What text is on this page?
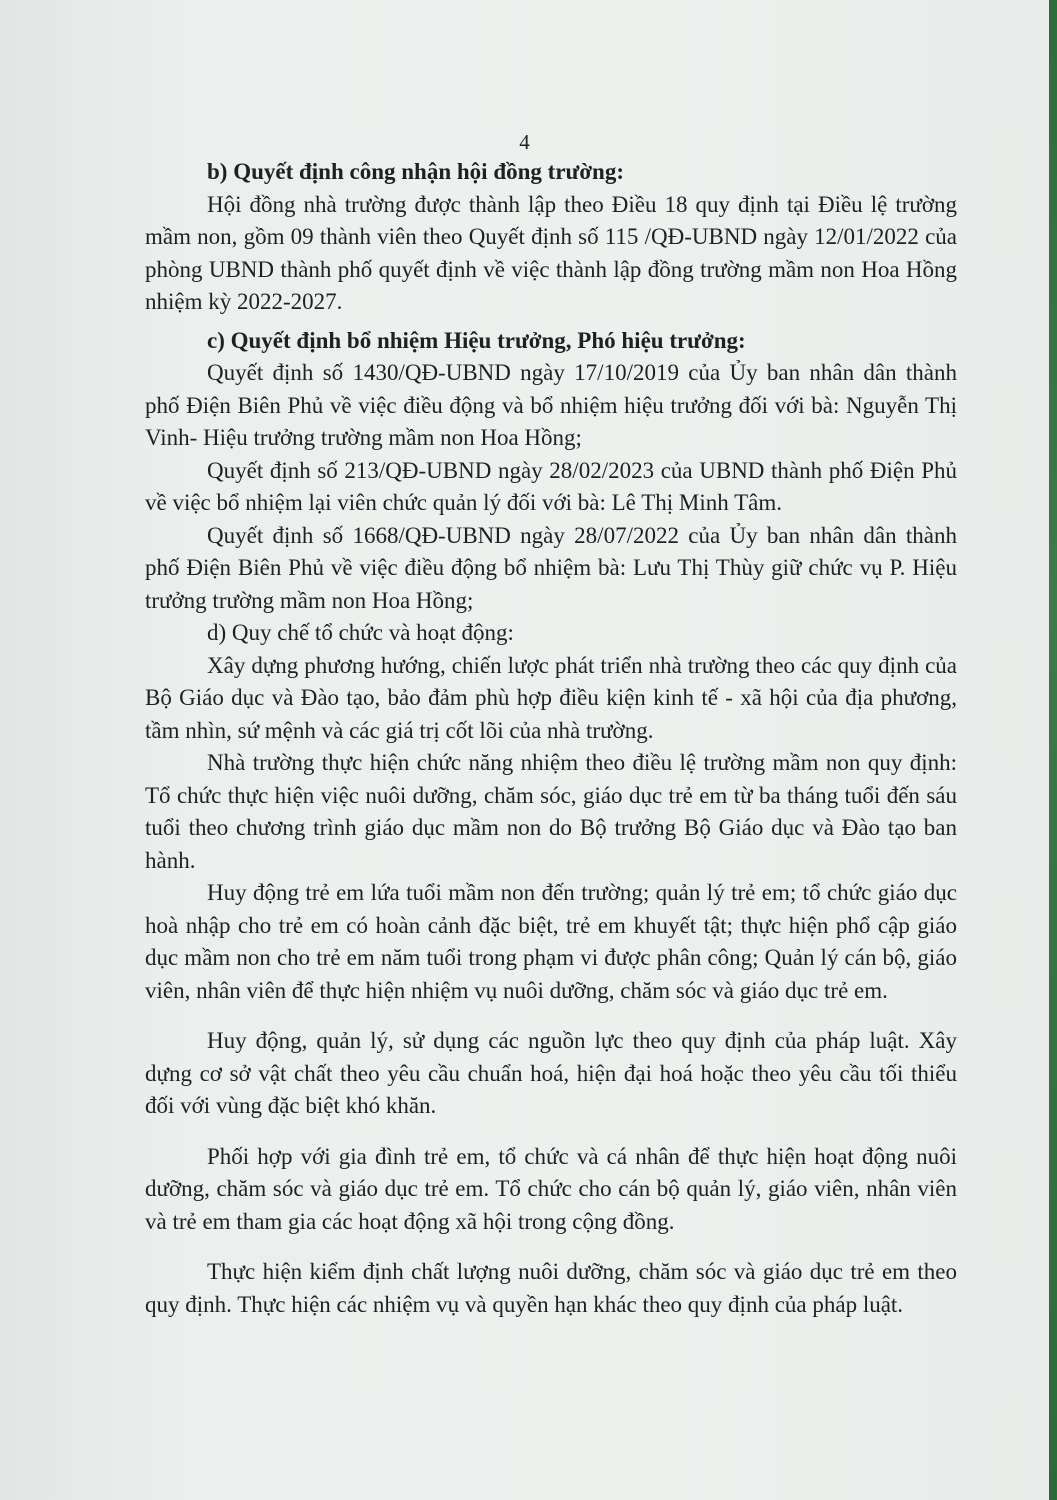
4

b) Quyết định công nhận hội đồng trường:

Hội đồng nhà trường được thành lập theo Điều 18 quy định tại Điều lệ trường mầm non, gồm 09 thành viên theo Quyết định số 115 /QĐ-UBND ngày 12/01/2022 của phòng UBND thành phố quyết định về việc thành lập đồng trường mầm non Hoa Hồng nhiệm kỳ 2022-2027.

c) Quyết định bổ nhiệm Hiệu trưởng, Phó hiệu trưởng:

Quyết định số 1430/QĐ-UBND ngày 17/10/2019 của Ủy ban nhân dân thành phố Điện Biên Phủ về việc điều động và bổ nhiệm hiệu trưởng đối với bà: Nguyễn Thị Vinh- Hiệu trưởng trường mầm non Hoa Hồng;

Quyết định số 213/QĐ-UBND ngày 28/02/2023 của UBND thành phố Điện Phủ về việc bổ nhiệm lại viên chức quản lý đối với bà: Lê Thị Minh Tâm.

Quyết định số 1668/QĐ-UBND ngày 28/07/2022 của Ủy ban nhân dân thành phố Điện Biên Phủ về việc điều động bổ nhiệm bà: Lưu Thị Thùy giữ chức vụ P. Hiệu trưởng trường mầm non Hoa Hồng;

d) Quy chế tổ chức và hoạt động:

Xây dựng phương hướng, chiến lược phát triển nhà trường theo các quy định của Bộ Giáo dục và Đào tạo, bảo đảm phù hợp điều kiện kinh tế - xã hội của địa phương, tầm nhìn, sứ mệnh và các giá trị cốt lõi của nhà trường.

Nhà trường thực hiện chức năng nhiệm theo điều lệ trường mầm non quy định: Tổ chức thực hiện việc nuôi dưỡng, chăm sóc, giáo dục trẻ em từ ba tháng tuổi đến sáu tuổi theo chương trình giáo dục mầm non do Bộ trưởng Bộ Giáo dục và Đào tạo ban hành.

Huy động trẻ em lứa tuổi mầm non đến trường; quản lý trẻ em; tổ chức giáo dục hoà nhập cho trẻ em có hoàn cảnh đặc biệt, trẻ em khuyết tật; thực hiện phổ cập giáo dục mầm non cho trẻ em năm tuổi trong phạm vi được phân công; Quản lý cán bộ, giáo viên, nhân viên để thực hiện nhiệm vụ nuôi dưỡng, chăm sóc và giáo dục trẻ em.

Huy động, quản lý, sử dụng các nguồn lực theo quy định của pháp luật. Xây dựng cơ sở vật chất theo yêu cầu chuẩn hoá, hiện đại hoá hoặc theo yêu cầu tối thiểu đối với vùng đặc biệt khó khăn.

Phối hợp với gia đình trẻ em, tổ chức và cá nhân để thực hiện hoạt động nuôi dưỡng, chăm sóc và giáo dục trẻ em. Tổ chức cho cán bộ quản lý, giáo viên, nhân viên và trẻ em tham gia các hoạt động xã hội trong cộng đồng.

Thực hiện kiểm định chất lượng nuôi dưỡng, chăm sóc và giáo dục trẻ em theo quy định. Thực hiện các nhiệm vụ và quyền hạn khác theo quy định của pháp luật.
